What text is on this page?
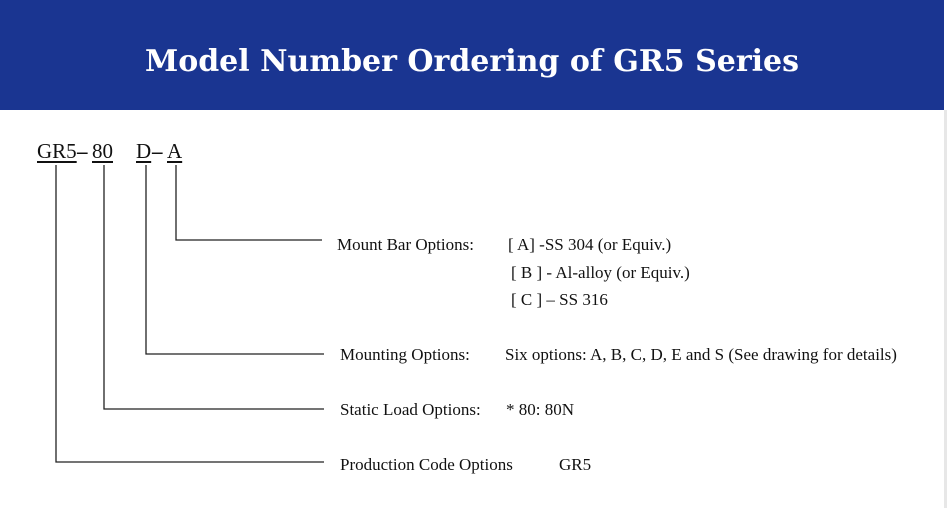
Model Number Ordering of GR5 Series
GR5 – 80 D – A
Mount Bar Options: [ A] -SS 304 (or Equiv.)
[ B ] - Al-alloy (or Equiv.)
[ C ] – SS 316
Mounting Options: Six options: A, B, C, D, E and S (See drawing for details)
Static Load Options: * 80: 80N
Production Code Options	GR5
